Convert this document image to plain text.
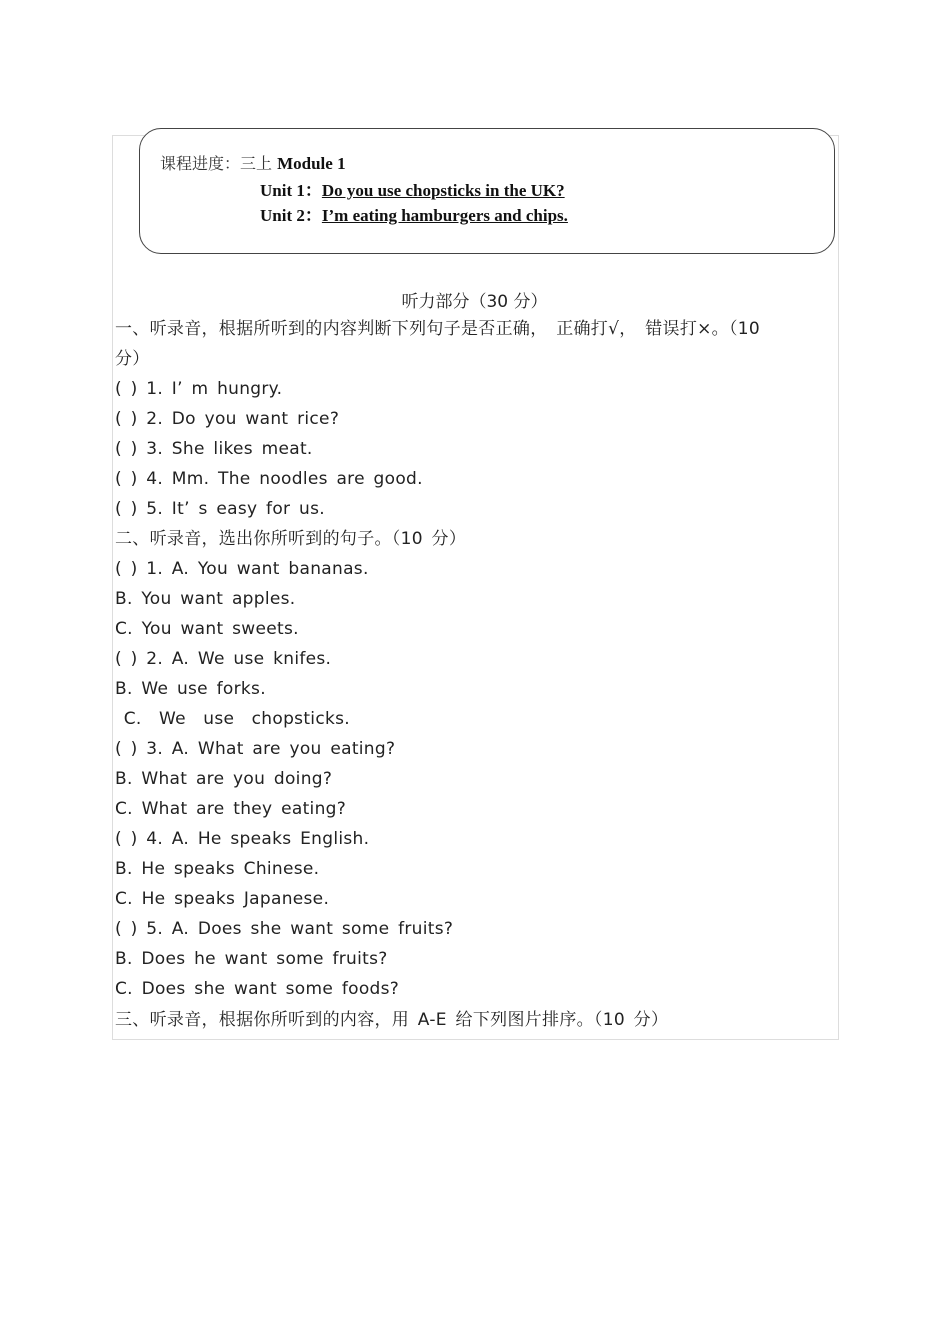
课程进度：三上 Module 1
Unit 1：Do you use chopsticks in the UK?
Unit 2：I’m eating hamburgers and chips.
听力部分（30 分）
一、听录音，根据所听到的内容判断下列句子是否正确， 正确打√， 错误打×。（10
分）
( ) 1. I’ m hungry.
( ) 2. Do you want rice?
( ) 3. She likes meat.
( ) 4. Mm. The noodles are good.
( ) 5. It’ s easy for us.
二、听录音，选出你所听到的句子。（10 分）
( ) 1. A. You want bananas.
B. You want apples.
C. You want sweets.
( ) 2. A. We use knifes.
B. We use forks.
C.  We  use  chopsticks.
( ) 3. A. What are you eating?
B. What are you doing?
C. What are they eating?
( ) 4. A. He speaks English.
B. He speaks Chinese.
C. He speaks Japanese.
( ) 5. A. Does she want some fruits?
B. Does he want some fruits?
C. Does she want some foods?
三、听录音，根据你所听到的内容，用 A-E 给下列图片排序。（10 分）
